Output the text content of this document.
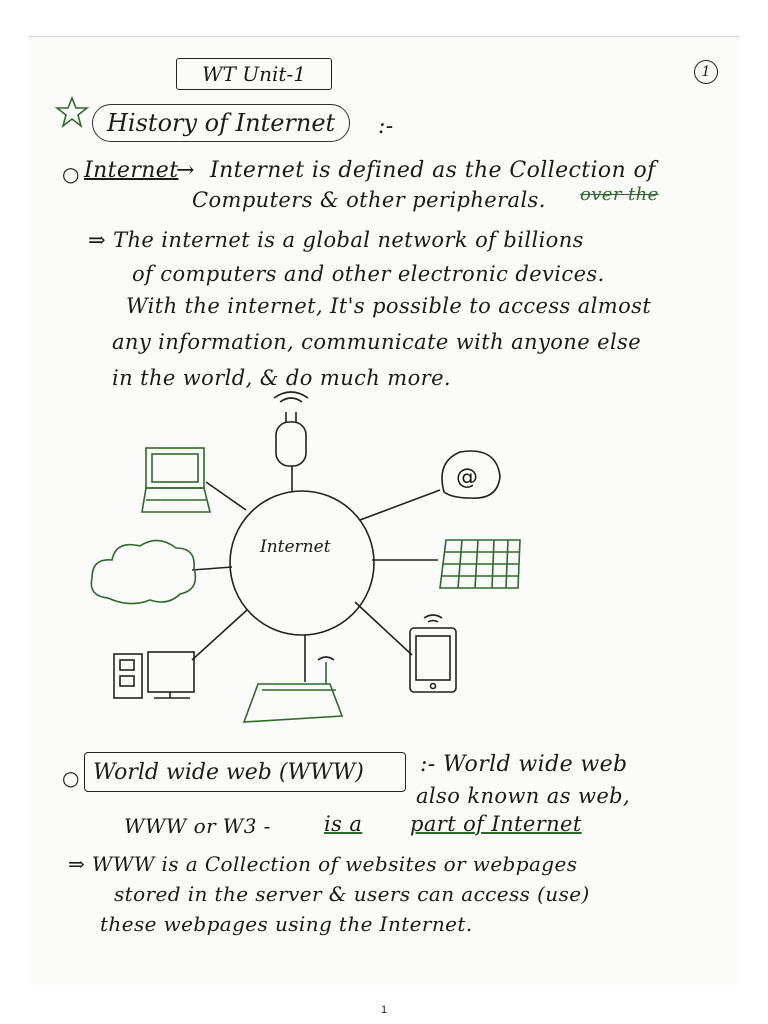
WT Unit-1	1
History of Internet	:-
○ Internet
→ Internet is defined as the Collection of
Computers & other peripherals. over the
⇒ The internet is a global network of billions
of computers and other electronic devices.
With the internet, It's possible to access almost
any information, communicate with anyone else
in the world, & do much more.
Internet
@
○ World wide web (WWW)	:- World wide web
also known as web,
WWW or W3 -	is a part of Internet
⇒ WWW is a Collection of websites or webpages
stored in the server & users can access (use)
these webpages using the Internet.
1
